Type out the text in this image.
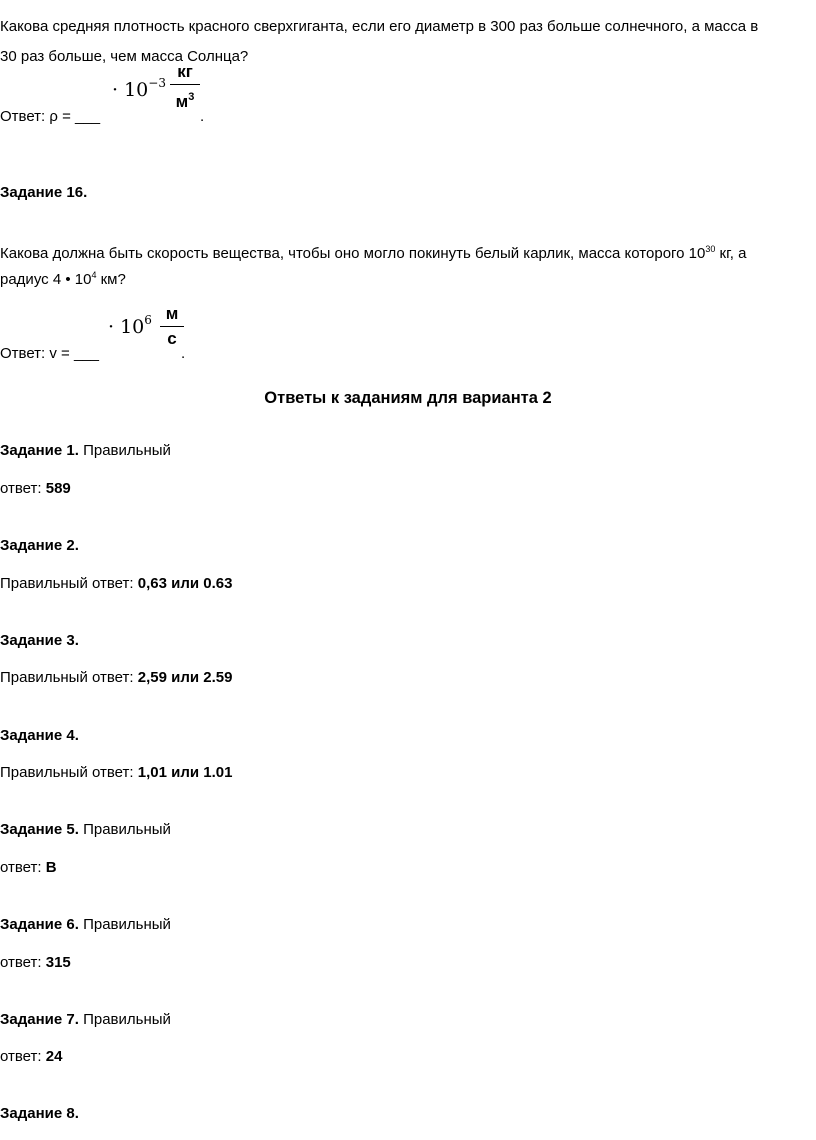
Какова средняя плотность красного сверхгиганта, если его диаметр в 300 раз больше солнечного, а масса в
30 раз больше, чем масса Солнца?
· $10^{-3}$
кг
$м^3$
Ответ: ρ = ___	.
Задание 16.
Какова должна быть скорость вещества, чтобы оно могло покинуть белый карлик, масса которого $10^{30}$ кг, а
радиус 4 • $10^4$ км?
· $10^6$ м
с
Ответ: v = ___	.
Ответы к заданиям для варианта 2
Задание 1. Правильный
ответ: 589
Задание 2.
Правильный ответ: 0,63 или 0.63
Задание 3.
Правильный ответ: 2,59 или 2.59
Задание 4.
Правильный ответ: 1,01 или 1.01
Задание 5. Правильный
ответ: В
Задание 6. Правильный
ответ: 315
Задание 7. Правильный
ответ: 24
Задание 8.
